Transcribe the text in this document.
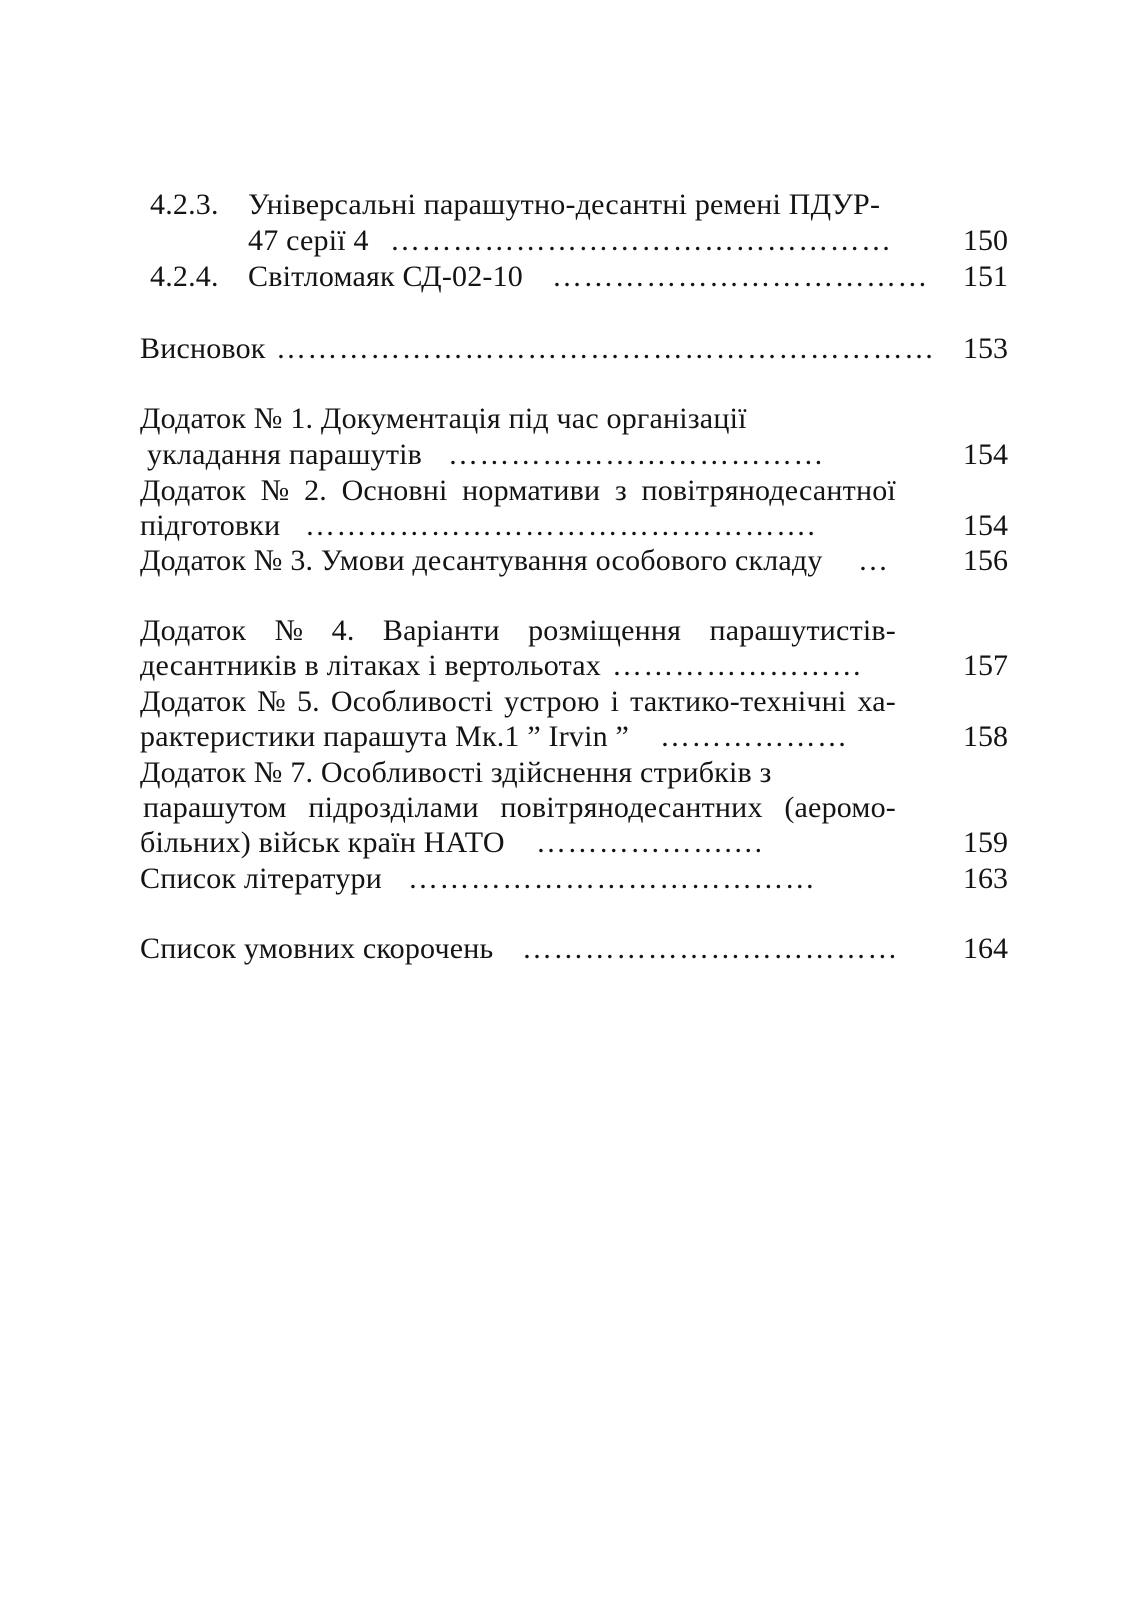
4.2.3. Універсальні парашутно-десантні ремені ПДУР-
47 серії 4 …………………………………………	150
4.2.4. Світломаяк СД-02-10 ………………………………	151
Висновок ……………………………………………………… 153
Додаток № 1. Документація під час організації
укладання парашутів ………………………………	154
Додаток № 2. Основні нормативи з повітрянодесантної
підготовки ………………………………………….	154
Додаток № 3. Умови десантування особового складу …	156
Додаток № 4. Варіанти розміщення парашутистів-
десантників в літаках і вертольотах ……………………	157
Додаток № 5. Особливості устрою і тактико-технічні ха-
рактеристики парашута Мк.1 ” Irvin ” ………………	158
Додаток № 7. Особливості здійснення стрибків з
парашутом підрозділами повітрянодесантних (аеромо-
більних) військ країн НАТО ……………….…	159
Список літератури …………………………………	163
Список умовних скорочень ………………………………	164
